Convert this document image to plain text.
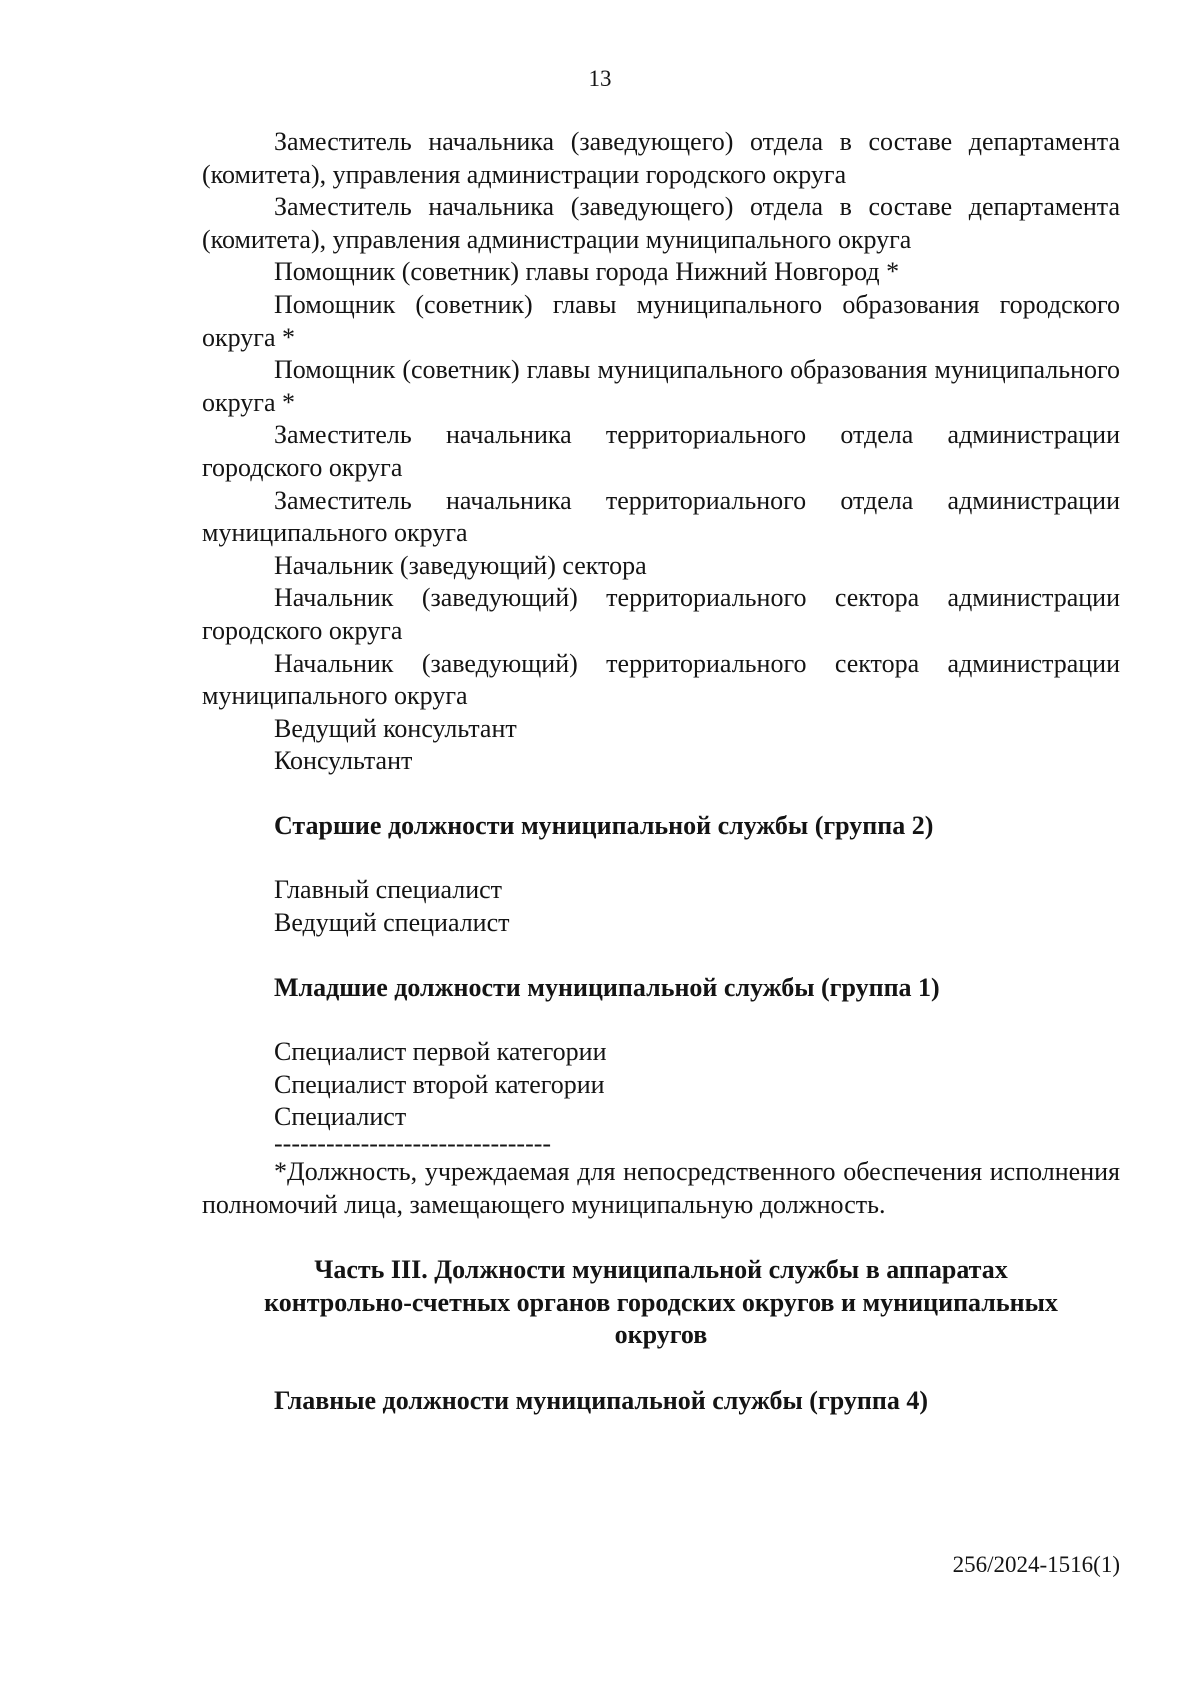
13

Заместитель начальника (заведующего) отдела в составе департамента (комитета), управления администрации городского округа

Заместитель начальника (заведующего) отдела в составе департамента (комитета), управления администрации муниципального округа

Помощник (советник) главы города Нижний Новгород *

Помощник (советник) главы муниципального образования городского округа *

Помощник (советник) главы муниципального образования муниципального округа *

Заместитель начальника территориального отдела администрации городского округа

Заместитель начальника территориального отдела администрации муниципального округа

Начальник (заведующий) сектора

Начальник (заведующий) территориального сектора администрации городского округа

Начальник (заведующий) территориального сектора администрации муниципального округа

Ведущий консультант

Консультант

Старшие должности муниципальной службы (группа 2)

Главный специалист

Ведущий специалист

Младшие должности муниципальной службы (группа 1)

Специалист первой категории

Специалист второй категории

Специалист

--------------------------------

*Должность, учреждаемая для непосредственного обеспечения исполнения полномочий лица, замещающего муниципальную должность.

Часть III. Должности муниципальной службы в аппаратах

контрольно-счетных органов городских округов и муниципальных

округов

Главные должности муниципальной службы (группа 4)

256/2024-1516(1)
